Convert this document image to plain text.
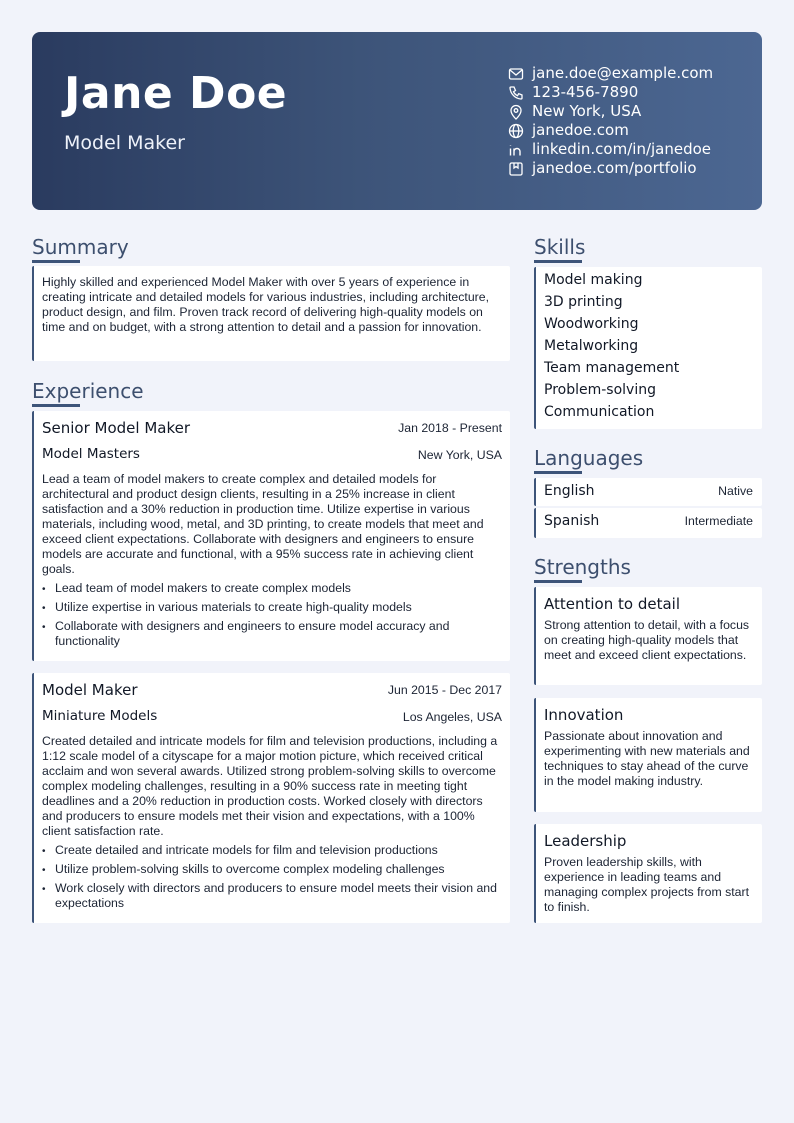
Jane Doe
Model Maker
jane.doe@example.com
123-456-7890
New York, USA
janedoe.com
linkedin.com/in/janedoe
janedoe.com/portfolio
Summary
Highly skilled and experienced Model Maker with over 5 years of experience in creating intricate and detailed models for various industries, including architecture, product design, and film. Proven track record of delivering high-quality models on time and on budget, with a strong attention to detail and a passion for innovation.
Experience
Senior Model Maker	Jan 2018 - Present
Model Masters	New York, USA
Lead a team of model makers to create complex and detailed models for architectural and product design clients, resulting in a 25% increase in client satisfaction and a 30% reduction in production time. Utilize expertise in various materials, including wood, metal, and 3D printing, to create models that meet and exceed client expectations. Collaborate with designers and engineers to ensure models are accurate and functional, with a 95% success rate in achieving client goals.
• Lead team of model makers to create complex models
• Utilize expertise in various materials to create high-quality models
• Collaborate with designers and engineers to ensure model accuracy and functionality
Model Maker	Jun 2015 - Dec 2017
Miniature Models	Los Angeles, USA
Created detailed and intricate models for film and television productions, including a 1:12 scale model of a cityscape for a major motion picture, which received critical acclaim and won several awards. Utilized strong problem-solving skills to overcome complex modeling challenges, resulting in a 90% success rate in meeting tight deadlines and a 20% reduction in production costs. Worked closely with directors and producers to ensure models met their vision and expectations, with a 100% client satisfaction rate.
• Create detailed and intricate models for film and television productions
• Utilize problem-solving skills to overcome complex modeling challenges
• Work closely with directors and producers to ensure model meets their vision and expectations
Skills
Model making
3D printing
Woodworking
Metalworking
Team management
Problem-solving
Communication
Languages
English	Native
Spanish	Intermediate
Strengths
Attention to detail
Strong attention to detail, with a focus on creating high-quality models that meet and exceed client expectations.
Innovation
Passionate about innovation and experimenting with new materials and techniques to stay ahead of the curve in the model making industry.
Leadership
Proven leadership skills, with experience in leading teams and managing complex projects from start to finish.
